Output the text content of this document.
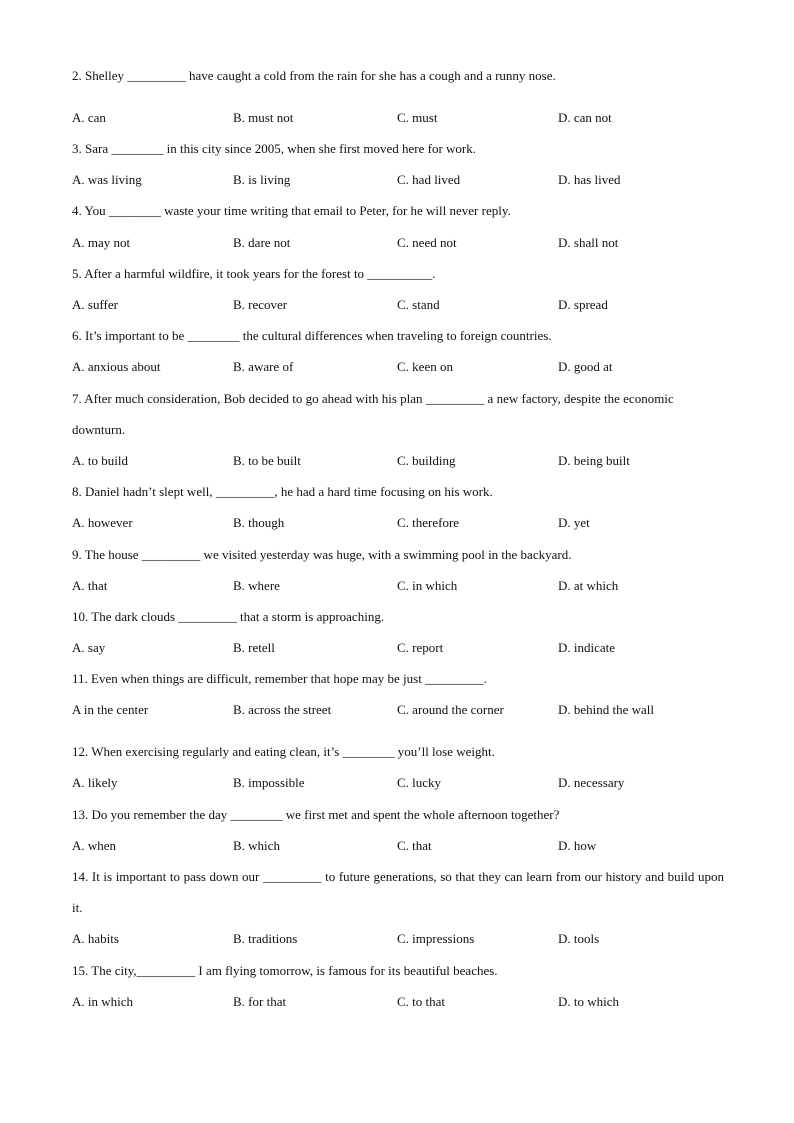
2. Shelley _________ have caught a cold from the rain for she has a cough and a runny nose.

A. can	B. must not	C. must	D. can not

3. Sara ________ in this city since 2005, when she first moved here for work.

A. was living	B. is living	C. had lived	D. has lived

4. You ________ waste your time writing that email to Peter, for he will never reply.

A. may not	B. dare not	C. need not	D. shall not

5. After a harmful wildfire, it took years for the forest to __________.

A. suffer	B. recover	C. stand	D. spread

6. It’s important to be ________ the cultural differences when traveling to foreign countries.

A. anxious about	B. aware of	C. keen on	D. good at

7. After much consideration, Bob decided to go ahead with his plan _________ a new factory, despite the economic downturn.

A. to build	B. to be built	C. building	D. being built

8. Daniel hadn’t slept well, _________, he had a hard time focusing on his work.

A. however	B. though	C. therefore	D. yet

9. The house _________ we visited yesterday was huge, with a swimming pool in the backyard.

A. that	B. where	C. in which	D. at which

10. The dark clouds _________ that a storm is approaching.

A. say	B. retell	C. report	D. indicate

11. Even when things are difficult, remember that hope may be just _________.

A in the center	B. across the street	C. around the corner	D. behind the wall

12. When exercising regularly and eating clean, it’s ________ you’ll lose weight.

A. likely	B. impossible	C. lucky	D. necessary

13. Do you remember the day ________ we first met and spent the whole afternoon together?

A. when	B. which	C. that	D. how

14. It is important to pass down our _________ to future generations, so that they can learn from our history and build upon it.

A. habits	B. traditions	C. impressions	D. tools

15. The city,_________ I am flying tomorrow, is famous for its beautiful beaches.

A. in which	B. for that	C. to that	D. to which
